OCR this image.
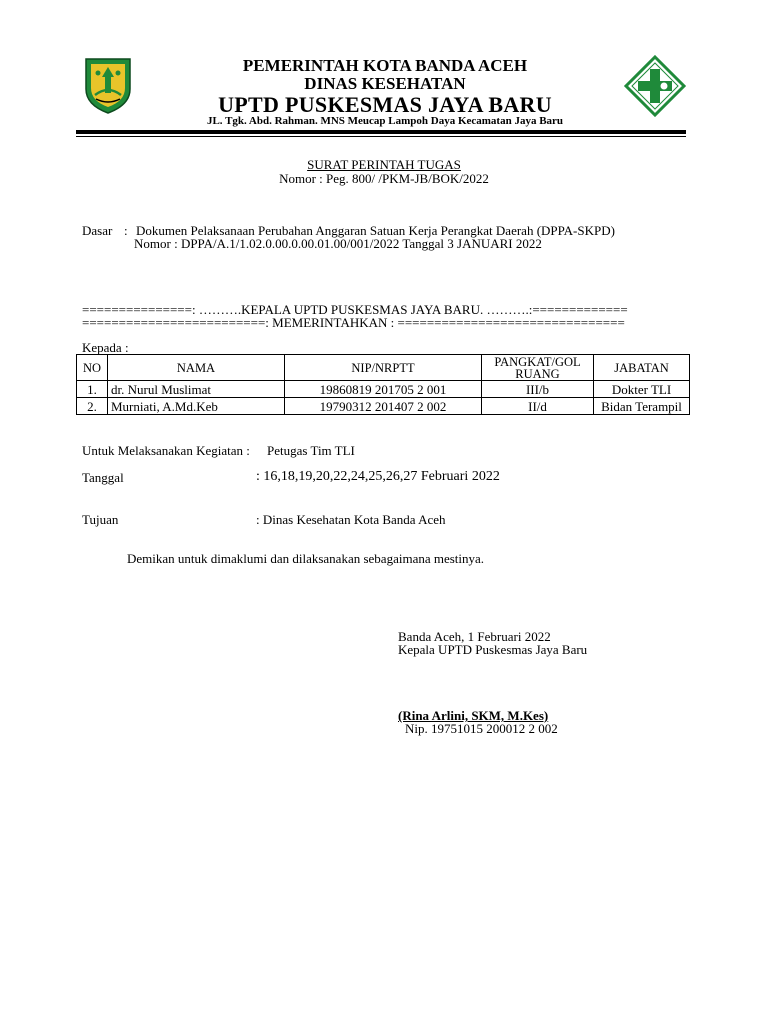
PEMERINTAH KOTA BANDA ACEH
DINAS KESEHATAN
UPTD PUSKESMAS JAYA BARU
JL. Tgk. Abd. Rahman. MNS Meucap Lampoh Daya Kecamatan Jaya Baru
SURAT PERINTAH TUGAS
Nomor : Peg. 800/ /PKM-JB/BOK/2022
Dasar : Dokumen Pelaksanaan Perubahan Anggaran Satuan Kerja Perangkat Daerah (DPPA-SKPD)
Nomor : DPPA/A.1/1.02.0.00.0.00.01.00/001/2022 Tanggal 3 JANUARI 2022
===============: ……….KEPALA UPTD PUSKESMAS JAYA BARU. ……….:=============
=========================: MEMERINTAHKAN : ===============================
Kepada :
NO	NAMA	NIP/NRPTT	PANGKAT/GOL RUANG	JABATAN
1.	dr. Nurul Muslimat	19860819 201705 2 001	III/b	Dokter TLI
2.	Murniati, A.Md.Keb	19790312 201407 2 002	II/d	Bidan Terampil
Untuk Melaksanakan Kegiatan : Petugas Tim TLI
Tanggal	: 16,18,19,20,22,24,25,26,27 Februari 2022
Tujuan	: Dinas Kesehatan Kota Banda Aceh
Demikan untuk dimaklumi dan dilaksanakan sebagaimana mestinya.
Banda Aceh, 1 Februari 2022
Kepala UPTD Puskesmas Jaya Baru
(Rina Arlini, SKM, M.Kes)
Nip. 19751015 200012 2 002
